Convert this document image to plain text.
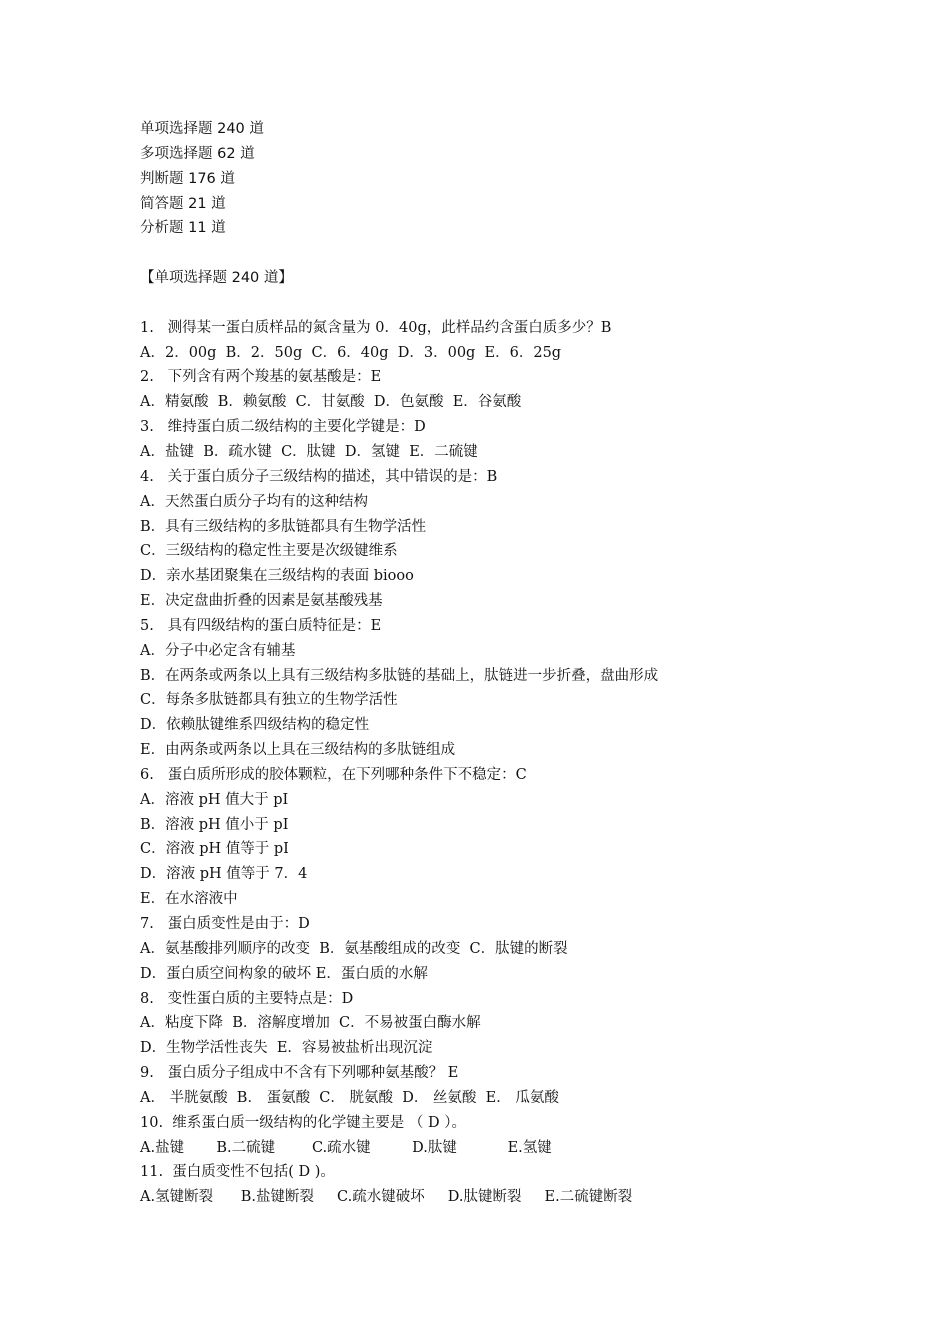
单项选择题 240 道
多项选择题 62 道
判断题 176 道
简答题 21 道
分析题 11 道
【单项选择题 240 道】
1.   测得某一蛋白质样品的氮含量为 0．40g，此样品约含蛋白质多少？B
A．2．00g  B．2．50g  C．6．40g  D．3．00g  E．6．25g
2.   下列含有两个羧基的氨基酸是：E
A．精氨酸  B．赖氨酸  C．甘氨酸  D．色氨酸  E．谷氨酸
3.   维持蛋白质二级结构的主要化学键是：D
A．盐键  B．疏水键  C．肽键  D．氢键  E．二硫键
4.   关于蛋白质分子三级结构的描述，其中错误的是：B
A．天然蛋白质分子均有的这种结构
B．具有三级结构的多肽链都具有生物学活性
C．三级结构的稳定性主要是次级键维系
D．亲水基团聚集在三级结构的表面 biooo
E．决定盘曲折叠的因素是氨基酸残基
5.   具有四级结构的蛋白质特征是：E
A．分子中必定含有辅基
B．在两条或两条以上具有三级结构多肽链的基础上，肽链进一步折叠，盘曲形成
C．每条多肽链都具有独立的生物学活性
D．依赖肽键维系四级结构的稳定性
E．由两条或两条以上具在三级结构的多肽链组成
6.   蛋白质所形成的胶体颗粒，在下列哪种条件下不稳定：C
A．溶液 pH 值大于 pI
B．溶液 pH 值小于 pI
C．溶液 pH 值等于 pI
D．溶液 pH 值等于 7．4
E．在水溶液中
7.   蛋白质变性是由于：D
A．氨基酸排列顺序的改变  B．氨基酸组成的改变  C．肽键的断裂
D．蛋白质空间构象的破坏 E．蛋白质的水解
8.   变性蛋白质的主要特点是：D
A．粘度下降  B．溶解度增加  C．不易被蛋白酶水解
D．生物学活性丧失  E．容易被盐析出现沉淀
9.   蛋白质分子组成中不含有下列哪种氨基酸？ E
A． 半胱氨酸  B． 蛋氨酸  C． 胱氨酸  D． 丝氨酸  E． 瓜氨酸
10.  维系蛋白质一级结构的化学键主要是 （ D ）。
A.盐键       B.二硫键        C.疏水键         D.肽键           E.氢键
11.  蛋白质变性不包括( D )。
A.氢键断裂      B.盐键断裂     C.疏水键破坏     D.肽键断裂     E.二硫键断裂
